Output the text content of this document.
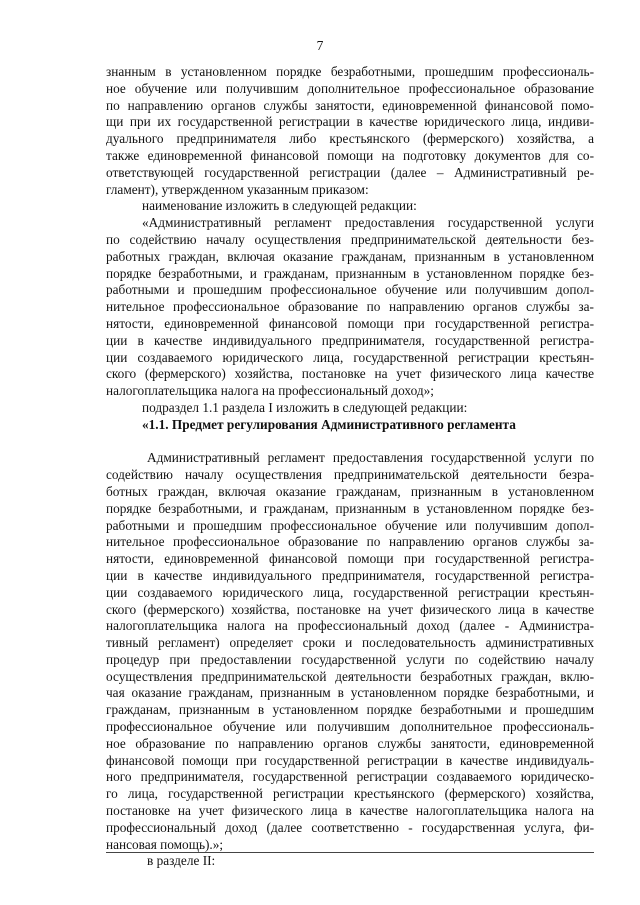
7
знанным в установленном порядке безработными, прошедшим профессиональ-
ное обучение или получившим дополнительное профессиональное образование
по направлению органов службы занятости, единовременной финансовой помо-
щи при их государственной регистрации в качестве юридического лица, индиви-
дуального предпринимателя либо крестьянского (фермерского) хозяйства, а
также единовременной финансовой помощи на подготовку документов для со-
ответствующей государственной регистрации (далее – Административный ре-
гламент), утвержденном указанным приказом:
наименование изложить в следующей редакции:
«Административный регламент предоставления государственной услуги
по содействию началу осуществления предпринимательской деятельности без-
работных граждан, включая оказание гражданам, признанным в установленном
порядке безработными, и гражданам, признанным в установленном порядке без-
работными и прошедшим профессиональное обучение или получившим допол-
нительное профессиональное образование по направлению органов службы за-
нятости, единовременной финансовой помощи при государственной регистра-
ции в качестве индивидуального предпринимателя, государственной регистра-
ции создаваемого юридического лица, государственной регистрации крестьян-
ского (фермерского) хозяйства, постановке на учет физического лица качестве
налогоплательщика налога на профессиональный доход»;
подраздел 1.1 раздела I изложить в следующей редакции:
«1.1. Предмет регулирования Административного регламента
Административный регламент предоставления государственной услуги по
содействию началу осуществления предпринимательской деятельности безра-
ботных граждан, включая оказание гражданам, признанным в установленном
порядке безработными, и гражданам, признанным в установленном порядке без-
работными и прошедшим профессиональное обучение или получившим допол-
нительное профессиональное образование по направлению органов службы за-
нятости, единовременной финансовой помощи при государственной регистра-
ции в качестве индивидуального предпринимателя, государственной регистра-
ции создаваемого юридического лица, государственной регистрации крестьян-
ского (фермерского) хозяйства, постановке на учет физического лица в качестве
налогоплательщика налога на профессиональный доход (далее - Администра-
тивный регламент) определяет сроки и последовательность административных
процедур при предоставлении государственной услуги по содействию началу
осуществления предпринимательской деятельности безработных граждан, вклю-
чая оказание гражданам, признанным в установленном порядке безработными, и
гражданам, признанным в установленном порядке безработными и прошедшим
профессиональное обучение или получившим дополнительное профессиональ-
ное образование по направлению органов службы занятости, единовременной
финансовой помощи при государственной регистрации в качестве индивидуаль-
ного предпринимателя, государственной регистрации создаваемого юридическо-
го лица, государственной регистрации крестьянского (фермерского) хозяйства,
постановке на учет физического лица в качестве налогоплательщика налога на
профессиональный доход (далее соответственно - государственная услуга, фи-
нансовая помощь).»;
в разделе II:
